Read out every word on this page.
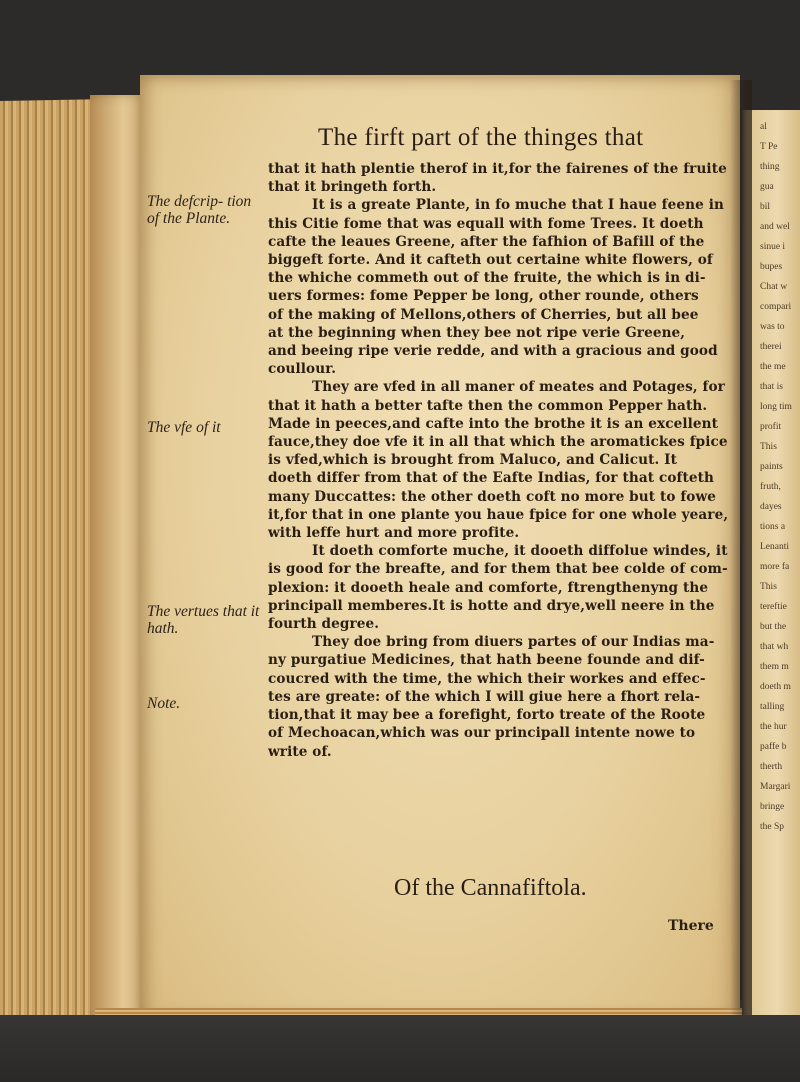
al
T Pe
thing
gua
bil
and wel
sinue i
bupes
Chat w
compari
was to
therei
the me
that is
long tim
profit
This
paints
fruth,
dayes
tions a
Lenanti
more fa
This
tereftie
but the
that wh
them m
doeth m
talling
the hur
paffe b
therth
Margari
bringe
the Sp
The firft part of the thinges that
The defcrip- tion of the Plante.
The vfe of it
The vertues that it hath.
Note.
that it hath plentie therof in it,for the fairenes of the fruite
that it bringeth forth.
It is a greate Plante, in fo muche that I haue feene in
this Citie fome that was equall with fome Trees. It doeth
cafte the leaues Greene, after the fafhion of Bafill of the
biggeft forte. And it cafteth out certaine white flowers, of
the whiche commeth out of the fruite, the which is in di-
uers formes: fome Pepper be long, other rounde, others
of the making of Mellons,others of Cherries, but all bee
at the beginning when they bee not ripe verie Greene,
and beeing ripe verie redde, and with a gracious and good
coullour.
They are vfed in all maner of meates and Potages, for
that it hath a better tafte then the common Pepper hath.
Made in peeces,and cafte into the brothe it is an excellent
fauce,they doe vfe it in all that which the aromatickes fpice
is vfed,which is brought from Malucο, and Calicut. It
doeth differ from that of the Eafte Indias, for that cofteth
many Duccattes: the other doeth coft no more but to fowe
it,for that in one plante you haue fpice for one whole yeare,
with leffe hurt and more profite.
It doeth comforte muche, it dooeth diffolue windes, it
is good for the breafte, and for them that bee colde of com-
plexion: it dooeth heale and comforte, ftrengthenyng the
principall memberes.It is hotte and drye,well neere in the
fourth degree.
They doe bring from diuers partes of our Indias ma-
ny purgatiue Medicines, that hath beene founde and dif-
coucred with the time, the which their workes and effec-
tes are greate: of the which I will giue here a fhort rela-
tion,that it may bee a forefight, forto treate of the Roote
of Mechoacan,which was our principall intente nowe to
write of.
Of the Cannafiftola.
There
